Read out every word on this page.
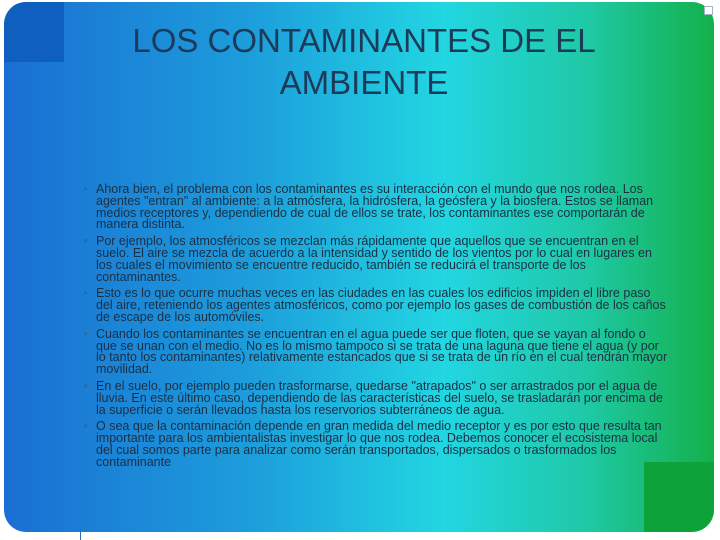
LOS CONTAMINANTES DE EL AMBIENTE
▫ Ahora bien, el problema con los contaminantes es su interacción con el mundo que nos rodea. Los agentes "entran" al ambiente: a la atmósfera, la hidrósfera, la geósfera y la biosfera. Estos se llaman medios receptores y, dependiendo de cual de ellos se trate, los contaminantes ese comportarán de manera distinta.
▫ Por ejemplo, los atmosféricos se mezclan más rápidamente que aquellos que se encuentran en el suelo. El aire se mezcla de acuerdo a la intensidad y sentido de los vientos por lo cual en lugares en los cuales el movimiento se encuentre reducido, también se reducirá el transporte de los contaminantes.
▫ Esto es lo que ocurre muchas veces en las ciudades en las cuales los edificios impiden el libre paso del aire, reteniendo los agentes atmosféricos, como por ejemplo los gases de combustión de los caños de escape de los automóviles.
▫ Cuando los contaminantes se encuentran en el agua puede ser que floten, que se vayan al fondo o que se unan con el medio. No es lo mismo tampoco si se trata de una laguna que tiene el agua (y por lo tanto los contaminantes) relativamente estancados que si se trata de un río en el cual tendrán mayor movilidad.
▫ En el suelo, por ejemplo pueden trasformarse, quedarse "atrapados" o ser arrastrados por el agua de lluvia. En este último caso, dependiendo de las características del suelo, se trasladarán por encima de la superficie o serán llevados hasta los reservorios subterráneos de agua.
▫ O sea que la contaminación depende en gran medida del medio receptor y es por esto que resulta tan importante para los ambientalistas investigar lo que nos rodea. Debemos conocer el ecosistema local del cual somos parte para analizar como serán transportados, dispersados o trasformados los contaminante
